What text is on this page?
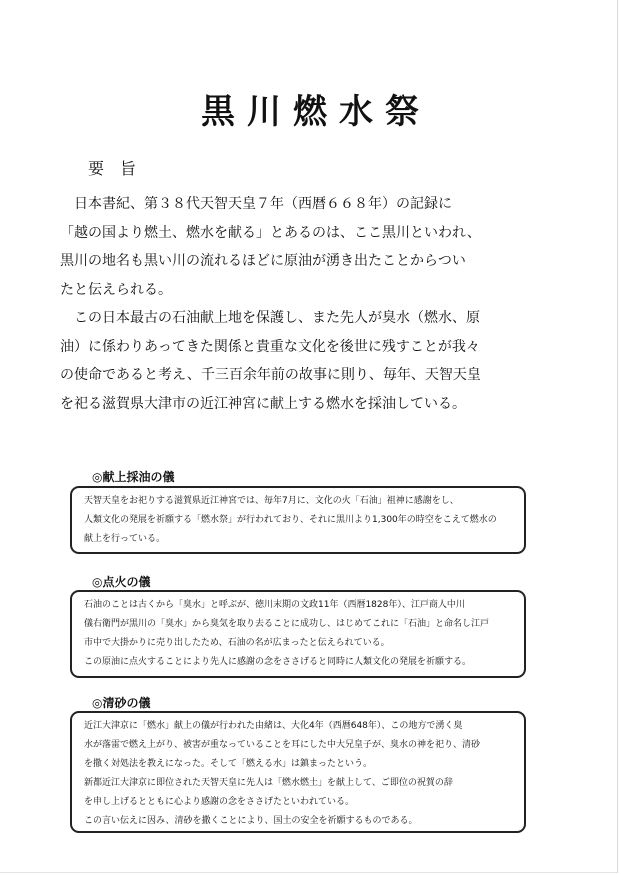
黒川燃水祭
要旨

　日本書紀、第３８代天智天皇７年（西暦６６８年）の記録に

「越の国より燃土、燃水を献る」とあるのは、ここ黒川といわれ、

黒川の地名も黒い川の流れるほどに原油が湧き出たことからつい

たと伝えられる。

　この日本最古の石油献上地を保護し、また先人が臭水（燃水、原

油）に係わりあってきた関係と貴重な文化を後世に残すことが我々

の使命であると考え、千三百余年前の故事に則り、毎年、天智天皇

を祀る滋賀県大津市の近江神宮に献上する燃水を採油している。

◎献上採油の儀

天智天皇をお祀りする滋賀県近江神宮では、毎年7月に、文化の火「石油」祖神に感謝をし、

人類文化の発展を祈願する「燃水祭」が行われており、それに黒川より1,300年の時空をこえて燃水の

献上を行っている。

◎点火の儀

石油のことは古くから「臭水」と呼ぶが、徳川末期の文政11年（西暦1828年）、江戸商人中川

儀右衛門が黒川の「臭水」から臭気を取り去ることに成功し、はじめてこれに「石油」と命名し江戸

市中で大掛かりに売り出したため、石油の名が広まったと伝えられている。

この原油に点火することにより先人に感謝の念をささげると同時に人類文化の発展を祈願する。

◎清砂の儀

近江大津京に「燃水」献上の儀が行われた由緒は、大化4年（西暦648年）、この地方で湧く臭

水が落雷で燃え上がり、被害が重なっていることを耳にした中大兄皇子が、臭水の神を祀り、清砂

を撒く対処法を教えになった。そして「燃える水」は鎮まったという。

新都近江大津京に即位された天智天皇に先人は「燃水燃土」を献上して、ご即位の祝賀の辞

を申し上げるとともに心より感謝の念をささげたといわれている。

この言い伝えに因み、清砂を撒くことにより、国土の安全を祈願するものである。
